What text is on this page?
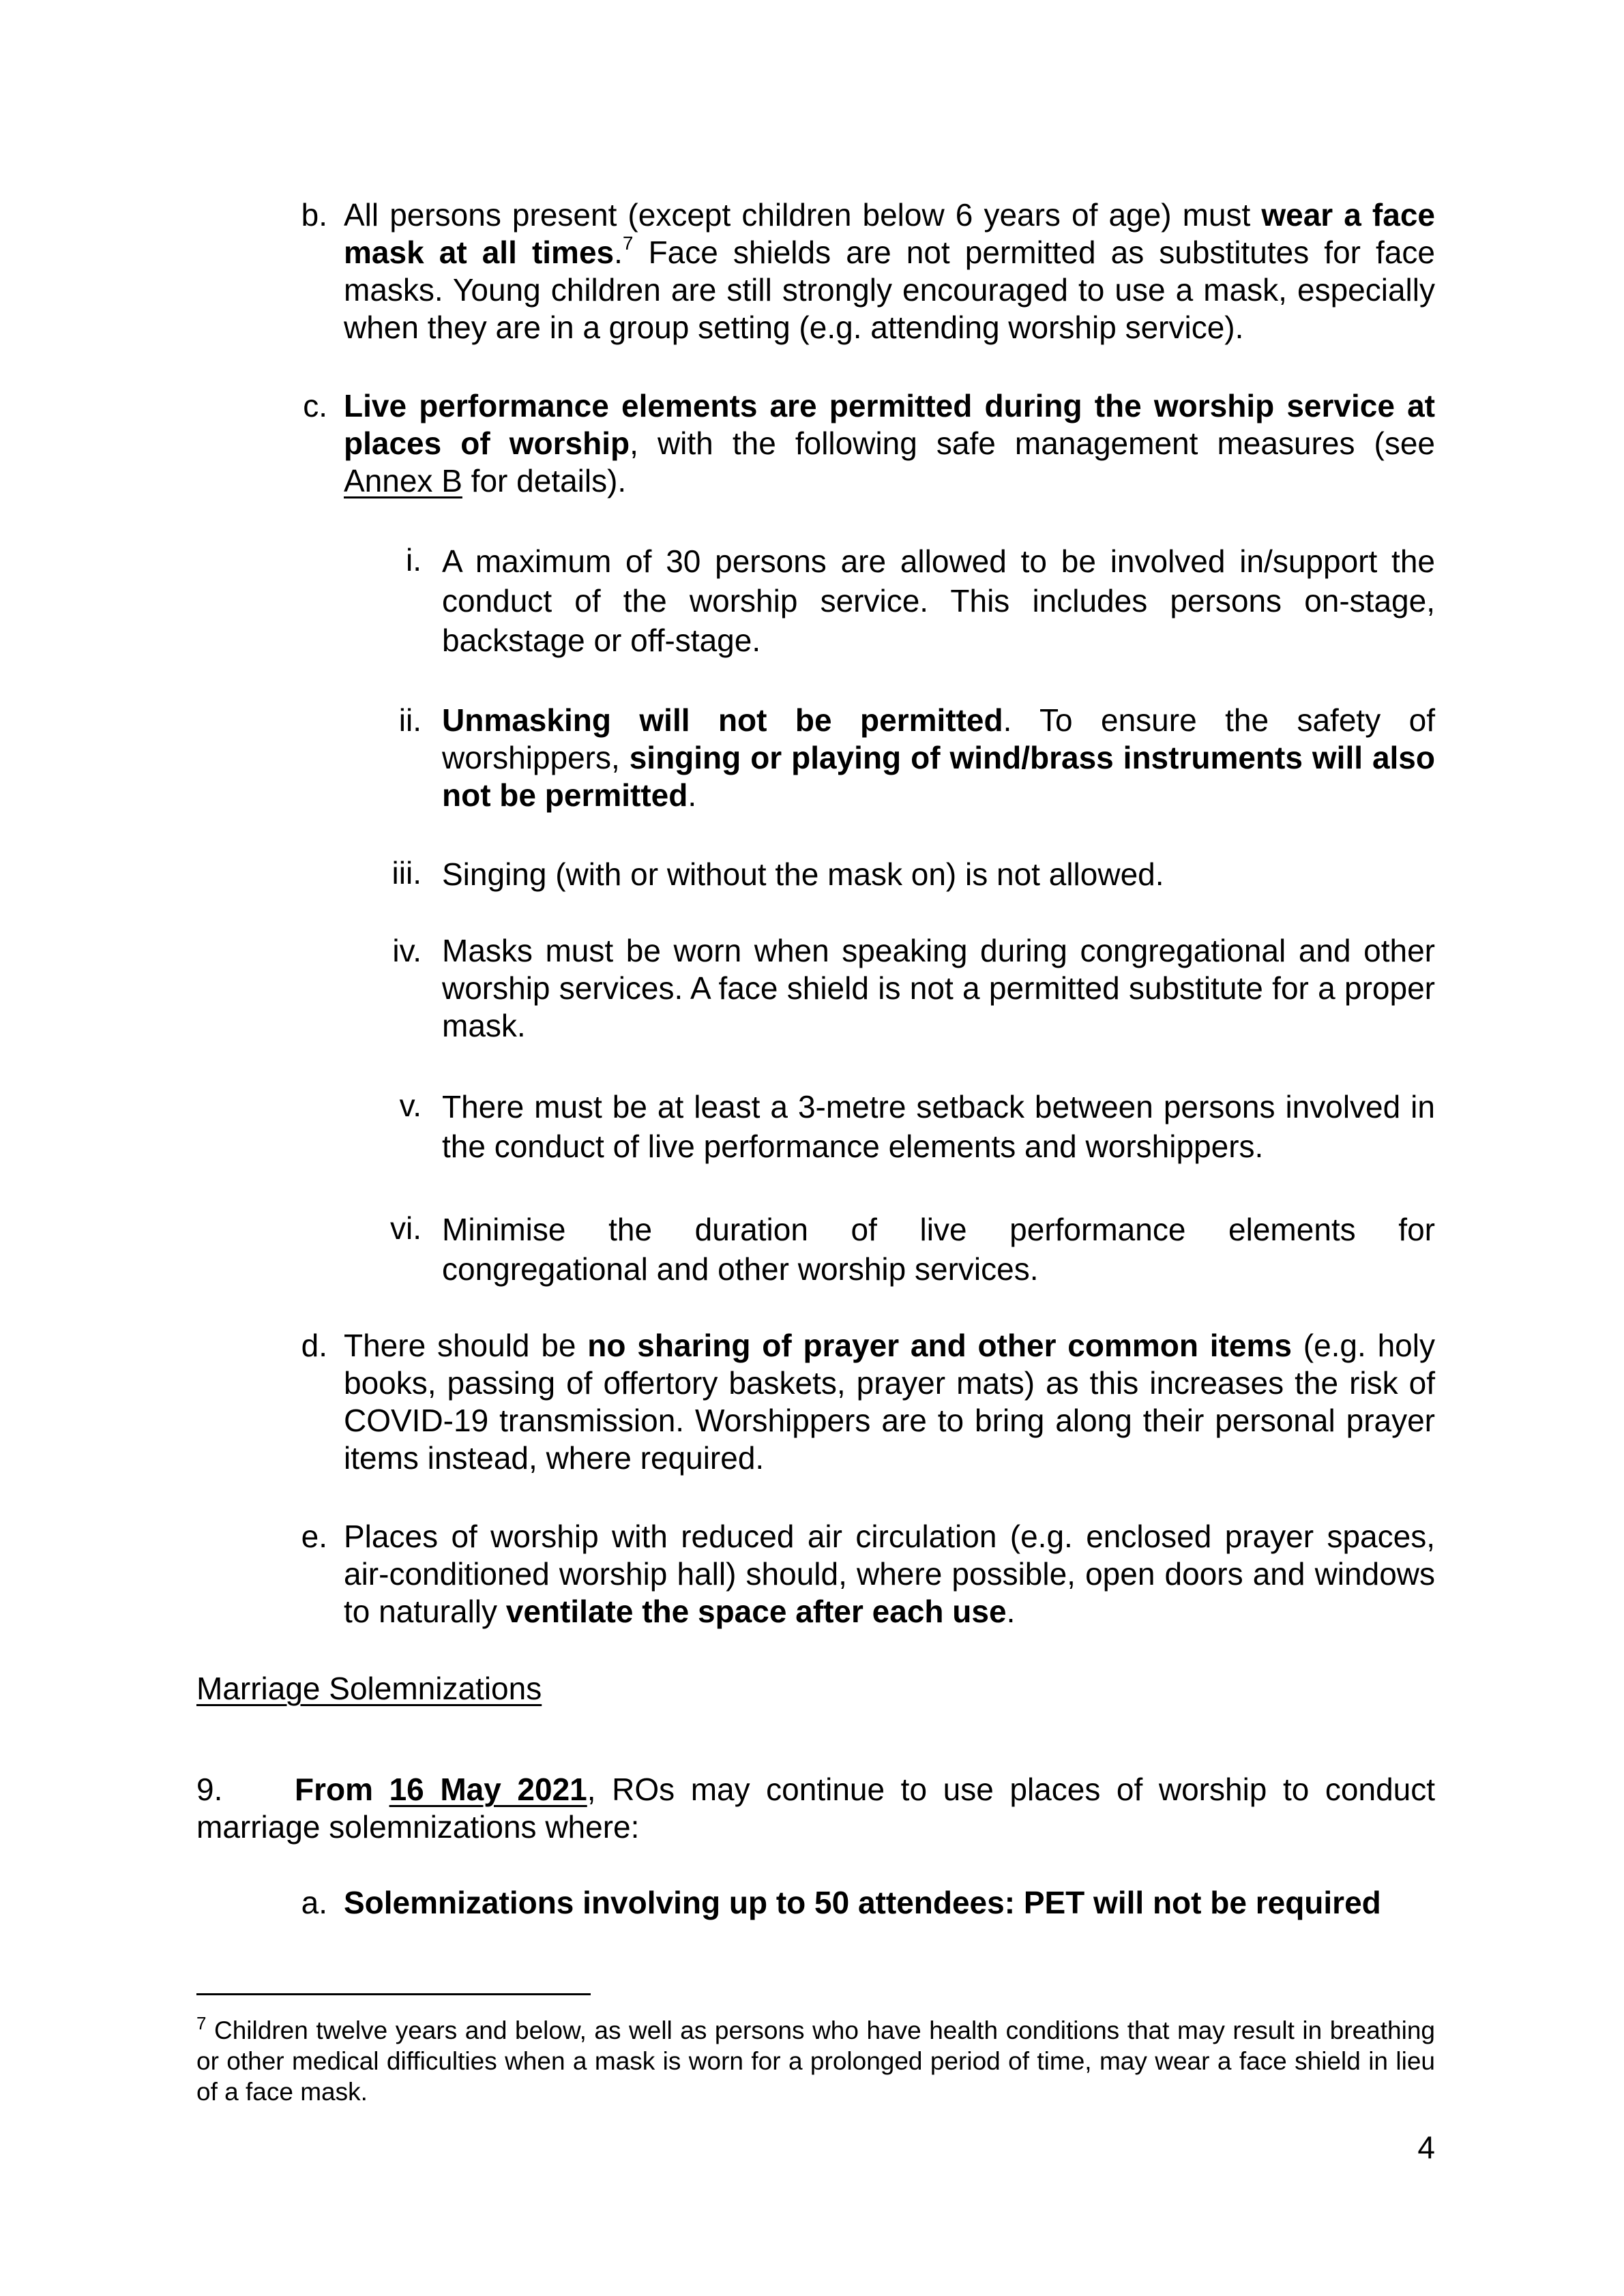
b. All persons present (except children below 6 years of age) must wear a face mask at all times.$^7$ Face shields are not permitted as substitutes for face masks. Young children are still strongly encouraged to use a mask, especially when they are in a group setting (e.g. attending worship service).
c. Live performance elements are permitted during the worship service at places of worship, with the following safe management measures (see Annex B for details).
i. A maximum of 30 persons are allowed to be involved in/support the conduct of the worship service. This includes persons on-stage, backstage or off-stage.
ii. Unmasking will not be permitted. To ensure the safety of worshippers, singing or playing of wind/brass instruments will also not be permitted.
iii. Singing (with or without the mask on) is not allowed.
iv. Masks must be worn when speaking during congregational and other worship services. A face shield is not a permitted substitute for a proper mask.
v. There must be at least a 3-metre setback between persons involved in the conduct of live performance elements and worshippers.
vi. Minimise the duration of live performance elements for
congregational and other worship services.
d. There should be no sharing of prayer and other common items (e.g. holy books, passing of offertory baskets, prayer mats) as this increases the risk of COVID-19 transmission. Worshippers are to bring along their personal prayer items instead, where required.
e. Places of worship with reduced air circulation (e.g. enclosed prayer spaces, air-conditioned worship hall) should, where possible, open doors and windows to naturally ventilate the space after each use.
Marriage Solemnizations
From 16 May 2021, ROs may continue to use places of worship to conduct marriage solemnizations where:
9.
a. Solemnizations involving up to 50 attendees: PET will not be required
$^7$ Children twelve years and below, as well as persons who have health conditions that may result in breathing or other medical difficulties when a mask is worn for a prolonged period of time, may wear a face shield in lieu of a face mask.
4
